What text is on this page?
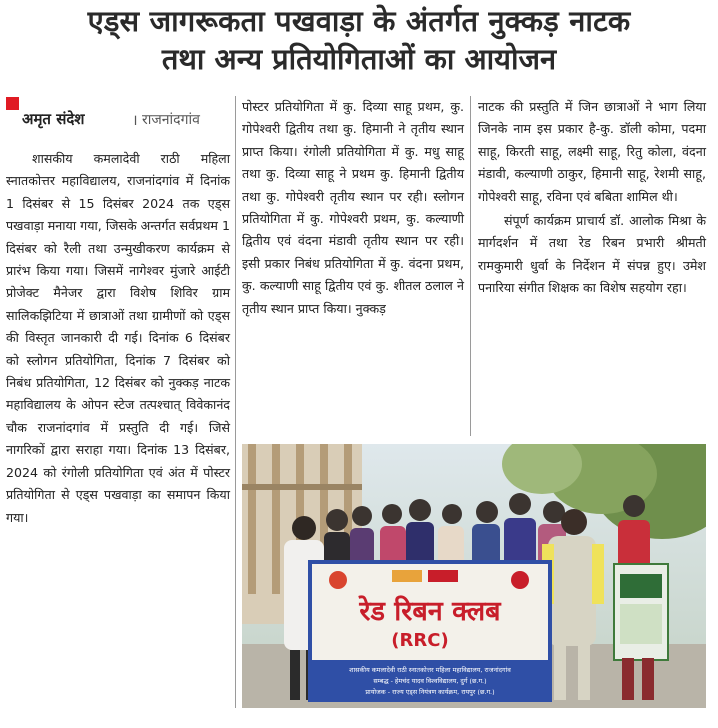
एड्स जागरूकता पखवाड़ा के अंतर्गत नुक्कड़ नाटक
तथा अन्य प्रतियोगिताओं का आयोजन
अमृत संदेश	। राजनांदगांव

शासकीय कमलादेवी राठी महिला स्नातकोत्तर महाविद्यालय, राजनांदगांव में दिनांक 1 दिसंबर से 15 दिसंबर 2024 तक एड्स पखवाड़ा मनाया गया, जिसके अन्तर्गत सर्वप्रथम 1 दिसंबर को रैली तथा उन्मुखीकरण कार्यक्रम से प्रारंभ किया गया। जिसमें नागेश्वर मुंजारे आईटी प्रोजेक्ट मैनेजर द्वारा विशेष शिविर ग्राम सालिकझिटिया में छात्राओं तथा ग्रामीणों को एड्स की विस्तृत जानकारी दी गई। दिनांक 6 दिसंबर को स्लोगन प्रतियोगिता, दिनांक 7 दिसंबर को निबंध प्रतियोगिता, 12 दिसंबर को नुक्कड़ नाटक महाविद्यालय के ओपन स्टेज तत्पश्चात् विवेकानंद चौक राजनांदगांव में प्रस्तुति दी गई। जिसे नागरिकों द्वारा सराहा गया। दिनांक 13 दिसंबर, 2024 को रंगोली प्रतियोगिता एवं अंत में पोस्टर प्रतियोगिता से एड्स पखवाड़ा का समापन किया गया।

पोस्टर प्रतियोगिता में कु. दिव्या साहू प्रथम, कु. गोपेश्वरी द्वितीय तथा कु. हिमानी ने तृतीय स्थान प्राप्त किया। रंगोली प्रतियोगिता में कु. मधु साहू तथा कु. दिव्या साहू ने प्रथम कु. हिमानी द्वितीय तथा कु. गोपेश्वरी तृतीय स्थान पर रही। स्लोगन प्रतियोगिता में कु. गोपेश्वरी प्रथम, कु. कल्याणी द्वितीय एवं वंदना मंडावी तृतीय स्थान पर रही। इसी प्रकार निबंध प्रतियोगिता में कु. वंदना प्रथम, कु. कल्याणी साहू द्वितीय एवं कु. शीतल ठलाल ने तृतीय स्थान प्राप्त किया। नुक्कड़

नाटक की प्रस्तुति में जिन छात्राओं ने भाग लिया जिनके नाम इस प्रकार है-कु. डॉली कोमा, पदमा साहू, किरती साहू, लक्ष्मी साहू, रितु कोला, वंदना मंडावी, कल्याणी ठाकुर, हिमानी साहू, रेशमी साहू, गोपेश्वरी साहू, रविना एवं बबिता शामिल थी।

संपूर्ण कार्यक्रम प्राचार्य डॉ. आलोक मिश्रा के मार्गदर्शन में तथा रेड रिबन प्रभारी श्रीमती रामकुमारी धुर्वा के निर्देशन में संपन्न हुए। उमेश पनारिया संगीत शिक्षक का विशेष सहयोग रहा।

रेड रिबन क्लब
(RRC)
शासकीय कमलादेवी राठी स्नातकोत्तर महिला महाविद्यालय, राजनांदगांव
सम्बद्ध - हेमचंद यादव विश्वविद्यालय, दुर्ग (छ.ग.)
प्रायोजक - राज्य एड्स नियंत्रण कार्यक्रम, रायपुर (छ.ग.)
